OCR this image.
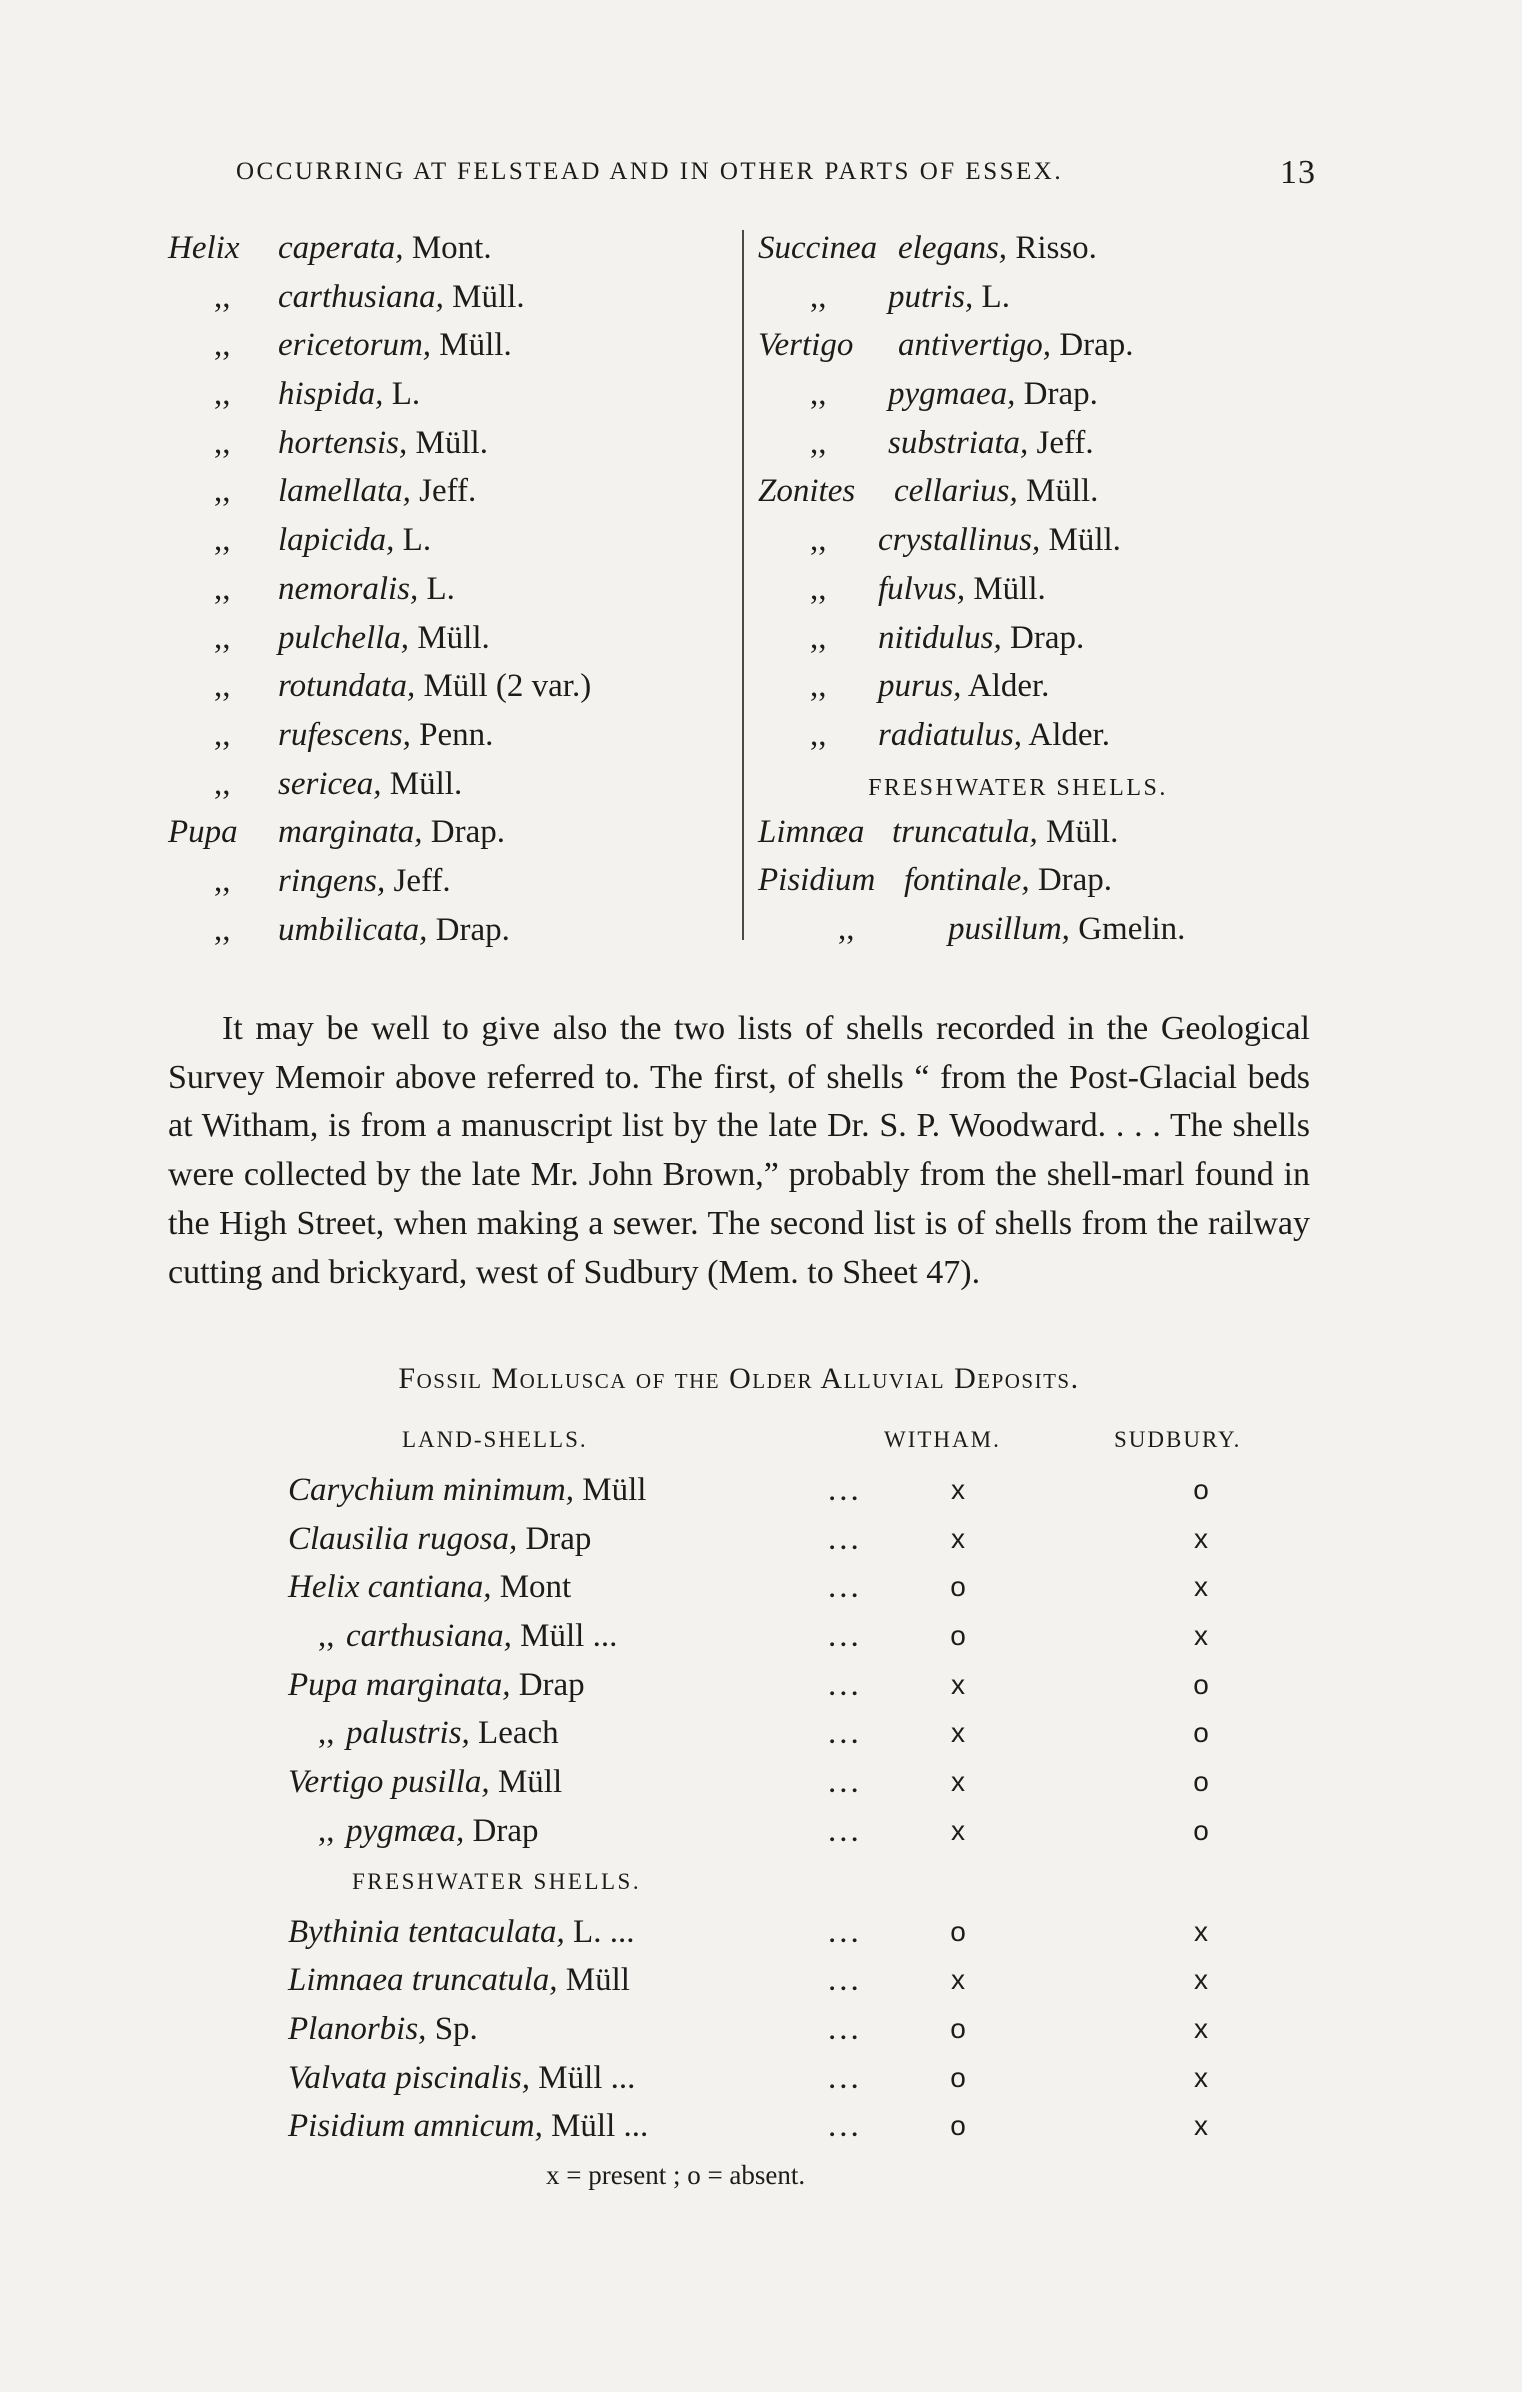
OCCURRING AT FELSTEAD AND IN OTHER PARTS OF ESSEX.	13
Helix caperata, Mont.
,, carthusiana, Müll.
,, ericetorum, Müll.
,, hispida, L.
,, hortensis, Müll.
,, lamellata, Jeff.
,, lapicida, L.
,, nemoralis, L.
,, pulchella, Müll.
,, rotundata, Müll (2 var.)
,, rufescens, Penn.
,, sericea, Müll.
Pupa marginata, Drap.
,, ringens, Jeff.
,, umbilicata, Drap.
Succinea elegans, Risso.
,, putris, L.
Vertigo antivertigo, Drap.
,, pygmaea, Drap.
,, substriata, Jeff.
Zonites cellarius, Müll.
,, crystallinus, Müll.
,, fulvus, Müll.
,, nitidulus, Drap.
,, purus, Alder.
,, radiatulus, Alder.
FRESHWATER SHELLS.
Limnæa truncatula, Müll.
Pisidium fontinale, Drap.
,,	pusillum, Gmelin.

It may be well to give also the two lists of shells recorded in the Geological Survey Memoir above referred to. The first, of shells “ from the Post-Glacial beds at Witham, is from a manuscript list by the late Dr. S. P. Woodward. . . . The shells were collected by the late Mr. John Brown,” probably from the shell-marl found in the High Street, when making a sewer. The second list is of shells from the railway cutting and brickyard, west of Sudbury (Mem. to Sheet 47).

Fossil Mollusca of the Older Alluvial Deposits.
LAND-SHELLS.	WITHAM.	SUDBURY.
Carychium minimum, Müll	...	x	o
Clausilia rugosa, Drap	...	x	x
Helix cantiana, Mont	...	o	x
,, carthusiana, Müll ...	...	o	x
Pupa marginata, Drap	...	x	o
,, palustris, Leach	...	x	o
Vertigo pusilla, Müll	...	x	o
,, pygmæa, Drap	...	x	o
FRESHWATER SHELLS.
Bythinia tentaculata, L. ...	...	o	x
Limnaea truncatula, Müll	...	x	x
Planorbis, Sp.	...	o	x
Valvata piscinalis, Müll ...	...	o	x
Pisidium amnicum, Müll ...	...	o	x
x = present ; o = absent.
